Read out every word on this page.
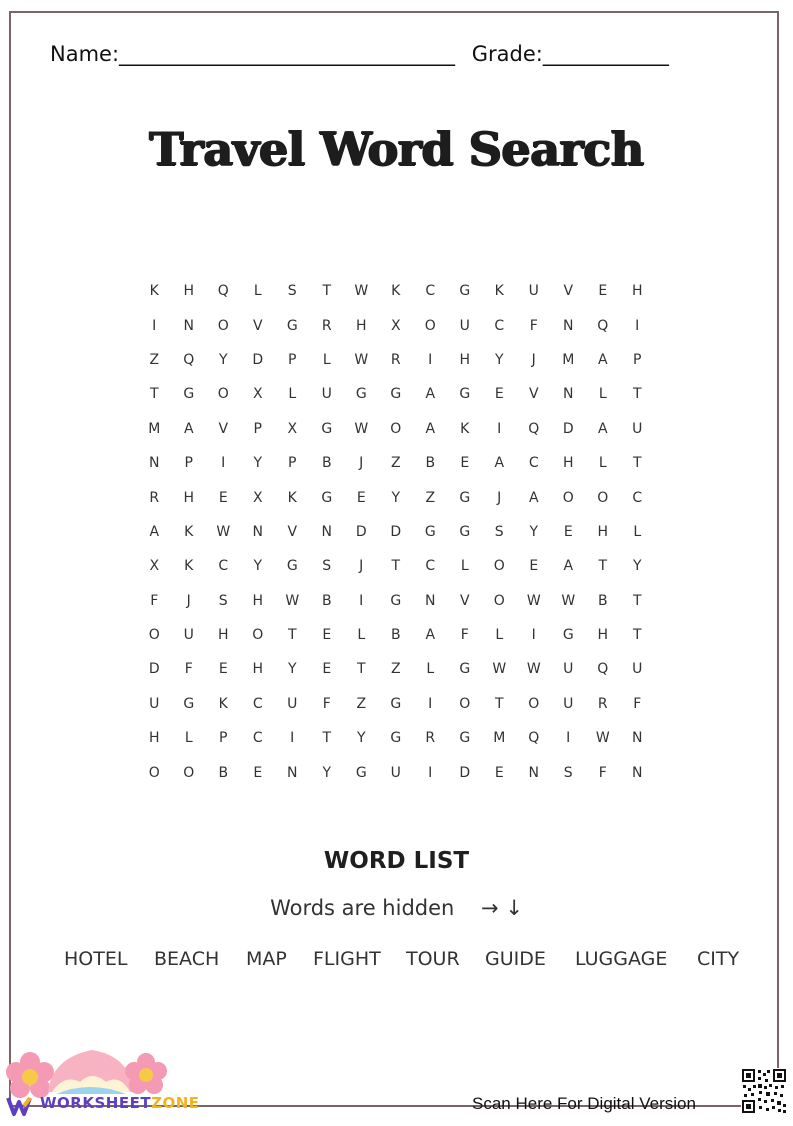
Name:________________________________ Grade:____________
Travel Word Search
K	H	Q	L	S	T	W	K	C	G	K	U	V	E	H
I	N	O	V	G	R	H	X	O	U	C	F	N	Q	I
Z	Q	Y	D	P	L	W	R	I	H	Y	J	M	A	P
T	G	O	X	L	U	G	G	A	G	E	V	N	L	T
M	A	V	P	X	G	W	O	A	K	I	Q	D	A	U
N	P	I	Y	P	B	J	Z	B	E	A	C	H	L	T
R	H	E	X	K	G	E	Y	Z	G	J	A	O	O	C
A	K	W	N	V	N	D	D	G	G	S	Y	E	H	L
X	K	C	Y	G	S	J	T	C	L	O	E	A	T	Y
F	J	S	H	W	B	I	G	N	V	O	W	W	B	T
O	U	H	O	T	E	L	B	A	F	L	I	G	H	T
D	F	E	H	Y	E	T	Z	L	G	W	W	U	Q	U
U	G	K	C	U	F	Z	G	I	O	T	O	U	R	F
H	L	P	C	I	T	Y	G	R	G	M	Q	I	W	N
O	O	B	E	N	Y	G	U	I	D	E	N	S	F	N
WORD LIST
Words are hidden    → ↓
HOTEL BEACH MAP FLIGHT TOUR GUIDE LUGGAGE CITY
WORKSHEETZONE	Scan Here For Digital Version
